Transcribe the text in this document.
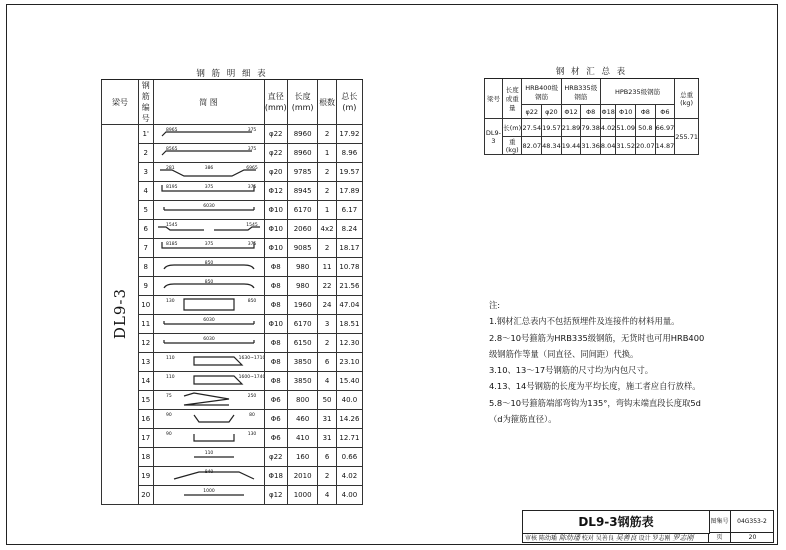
钢 筋 明 细 表						
梁号	钢筋编号	简 图	直径(mm)	长度(mm)	根数	总长(m)
DL9-3	1'	8965 375	φ22	8960	2	17.92
	2	8565 375	φ22	8960	1	8.96
	3	281 386 6965	φ20	9785	2	19.57
	4	8195 375 375	Φ12	8945	2	17.89
	5	6030	Φ10	6170	1	6.17
	6	1545 1545	Φ10	2060	4x2	8.24
	7	8185 375 375	Φ10	9085	2	18.17
	8	850	Φ8	980	11	10.78
	9	850	Φ8	980	22	21.56
	10	130 850	Φ8	1960	24	47.04
	11	6030	Φ10	6170	3	18.51
	12	6030	Φ8	6150	2	12.30
	13	110 1630~1710	Φ8	3850	6	23.10
	14	110 1600~1740	Φ8	3850	4	15.40
	15	75 250	Φ6	800	50	40.0
	16	90 80	Φ6	460	31	14.26
	17	90 130	Φ6	410	31	12.71
	18	110	φ22	160	6	0.66
	19	840	Φ18	2010	2	4.02
	20	1000	φ12	1000	4	4.00
钢 材 汇 总 表										
梁号	长度或重量	HRB400级钢筋		HRB335级钢筋		HPB235级钢筋				总重(kg)
		φ22	φ20	Φ12	Φ8	Φ18	Φ10	Φ8	Φ6	
DL9-3	长(m)	27.54	19.57	21.89	79.38	4.02	51.09	50.8	66.97	255.71
	重(kg)	82.07	48.34	19.44	31.36	8.04	31.52	20.07	14.87	

注:

1.钢材汇总表内不包括预埋件及连接件的材料用量。

2.8～10号箍筋为HRB335级钢筋，无货时也可用HRB400级钢筋作等量（同直径、同间距）代换。

3.10、13～17号钢筋的尺寸均为内包尺寸。

4.13、14号钢筋的长度为平均长度，施工者应自行放样。

5.8～10号箍筋端部弯钩为135°，弯钩末端直段长度取5d（d为箍筋直径）。

DL9-3钢筋表	图集号	04G353-2
审核 陈幼璠 陈幼璠 校对 吴善良 吴善良 设计 罗志刚 罗志刚	页	20
